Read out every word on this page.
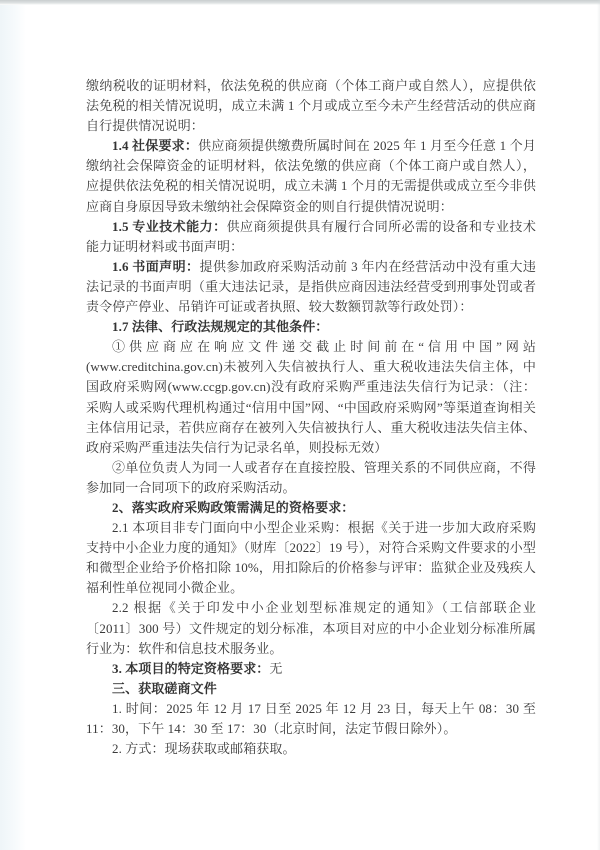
缴纳税收的证明材料，依法免税的供应商（个体工商户或自然人），应提供依法免税的相关情况说明，成立未满 1 个月或成立至今未产生经营活动的供应商自行提供情况说明：

1.4 社保要求：供应商须提供缴费所属时间在 2025 年 1 月至今任意 1 个月缴纳社会保障资金的证明材料，依法免缴的供应商（个体工商户或自然人），应提供依法免税的相关情况说明，成立未满 1 个月的无需提供或成立至今非供应商自身原因导致未缴纳社会保障资金的则自行提供情况说明：

1.5 专业技术能力：供应商须提供具有履行合同所必需的设备和专业技术能力证明材料或书面声明：

1.6 书面声明：提供参加政府采购活动前 3 年内在经营活动中没有重大违法记录的书面声明（重大违法记录，是指供应商因违法经营受到刑事处罚或者责令停产停业、吊销许可证或者执照、较大数额罚款等行政处罚）：

1.7 法律、行政法规规定的其他条件：

①供应商应在响应文件递交截止时间前在“信用中国”网站(www.creditchina.gov.cn)未被列入失信被执行人、重大税收违法失信主体，中国政府采购网(www.ccgp.gov.cn)没有政府采购严重违法失信行为记录：（注：采购人或采购代理机构通过“信用中国”网、“中国政府采购网”等渠道查询相关主体信用记录，若供应商存在被列入失信被执行人、重大税收违法失信主体、政府采购严重违法失信行为记录名单，则投标无效）

②单位负责人为同一人或者存在直接控股、管理关系的不同供应商，不得参加同一合同项下的政府采购活动。

2、落实政府采购政策需满足的资格要求：

2.1 本项目非专门面向中小型企业采购：根据《关于进一步加大政府采购支持中小企业力度的通知》（财库〔2022〕19 号），对符合采购文件要求的小型和微型企业给予价格扣除 10%，用扣除后的价格参与评审：监狱企业及残疾人福利性单位视同小微企业。

2.2 根据《关于印发中小企业划型标准规定的通知》（工信部联企业〔2011〕300 号）文件规定的划分标准，本项目对应的中小企业划分标准所属行业为：软件和信息技术服务业。

3. 本项目的特定资格要求：无

三、获取磋商文件

1. 时间：2025 年 12 月 17 日至 2025 年 12 月 23 日，每天上午 08：30 至 11：30，下午 14：30 至 17：30（北京时间，法定节假日除外）。

2. 方式：现场获取或邮箱获取。
